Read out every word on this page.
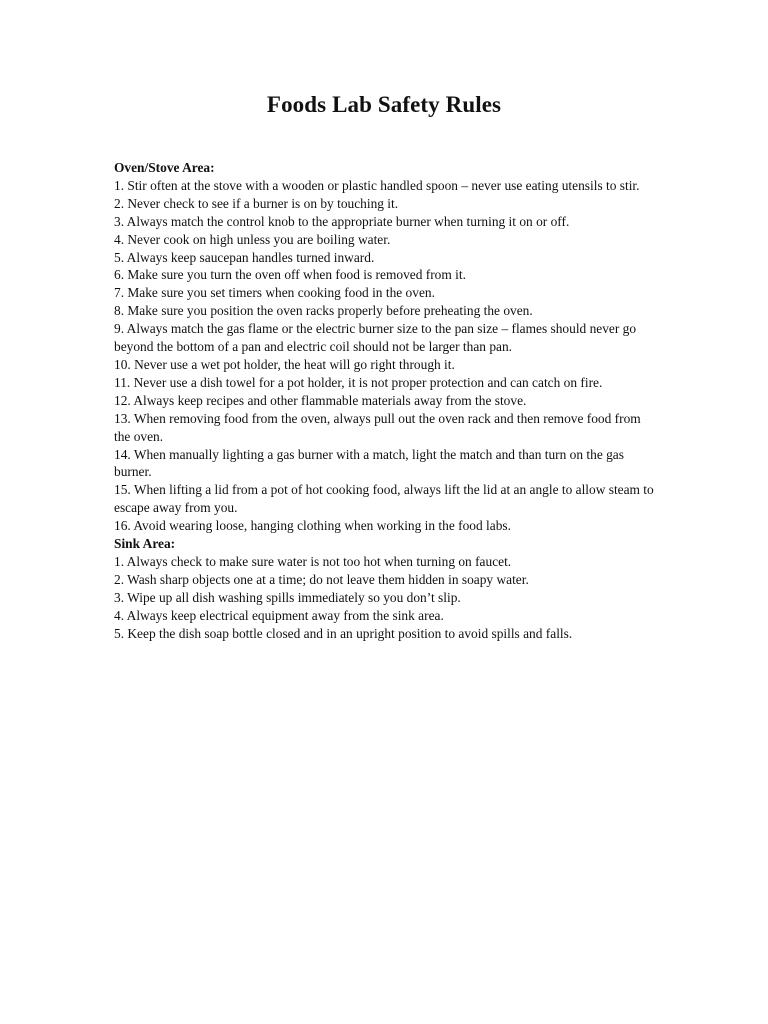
Foods Lab Safety Rules

Oven/Stove Area:

1. Stir often at the stove with a wooden or plastic handled spoon – never use eating utensils to stir.
2. Never check to see if a burner is on by touching it.
3. Always match the control knob to the appropriate burner when turning it on or off.
4. Never cook on high unless you are boiling water.
5. Always keep saucepan handles turned inward.
6. Make sure you turn the oven off when food is removed from it.
7. Make sure you set timers when cooking food in the oven.
8. Make sure you position the oven racks properly before preheating the oven.
9. Always match the gas flame or the electric burner size to the pan size – flames should never go beyond the bottom of a pan and electric coil should not be larger than pan.
10. Never use a wet pot holder, the heat will go right through it.
11. Never use a dish towel for a pot holder, it is not proper protection and can catch on fire.
12. Always keep recipes and other flammable materials away from the stove.
13. When removing food from the oven, always pull out the oven rack and then remove food from the oven.
14. When manually lighting a gas burner with a match, light the match and than turn on the gas burner.
15. When lifting a lid from a pot of hot cooking food, always lift the lid at an angle to allow steam to escape away from you.
16. Avoid wearing loose, hanging clothing when working in the food labs.

Sink Area:

1. Always check to make sure water is not too hot when turning on faucet.
2. Wash sharp objects one at a time; do not leave them hidden in soapy water.
3. Wipe up all dish washing spills immediately so you don’t slip.
4. Always keep electrical equipment away from the sink area.
5. Keep the dish soap bottle closed and in an upright position to avoid spills and falls.
